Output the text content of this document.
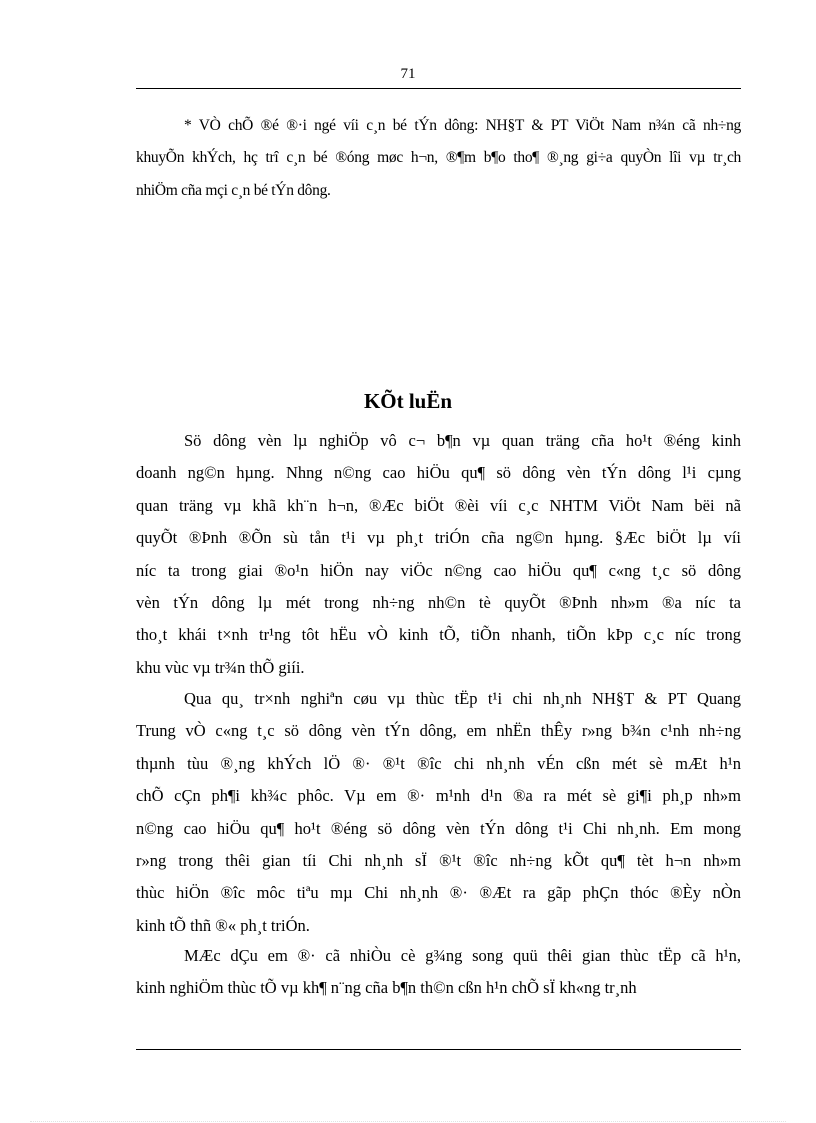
71

* VÒ chÕ ®é ®·i ngé víi c¸n bé tÝn dông: NH§T & PT ViÖt Nam n¾n cã nh÷ng
khuyÕn khÝch, hç trî c¸n bé ®óng møc h¬n, ®¶m b¶o tho¶ ®¸ng gi÷a quyÒn lîi vµ tr¸ch
nhiÖm cña mçi c¸n bé tÝn dông.

KÕt luËn

Sö dông vèn lµ nghiÖp vô c¬ b¶n vµ quan träng cña ho¹t ®éng kinh
doanh ng©n hµng. Nhng n©ng cao hiÖu qu¶ sö dông vèn tÝn dông l¹i cµng
quan träng vµ khã kh¨n h¬n, ®Æc biÖt ®èi víi c¸c NHTM ViÖt Nam bëi nã
quyÕt ®Þnh ®Õn sù tån t¹i vµ ph¸t triÓn cña ng©n hµng. §Æc biÖt lµ víi
níc ta trong giai ®o¹n hiÖn nay viÖc n©ng cao hiÖu qu¶ c«ng t¸c sö dông
vèn tÝn dông lµ mét trong nh÷ng nh©n tè quyÕt ®Þnh nh»m ®a níc ta
tho¸t khái t×nh tr¹ng tôt hËu vÒ kinh tÕ, tiÕn nhanh, tiÕn kÞp c¸c níc trong
khu vùc vµ tr¾n thÕ giíi.

Qua qu¸ tr×nh nghiªn cøu vµ thùc tËp t¹i chi nh¸nh NH§T & PT Quang
Trung vÒ c«ng t¸c sö dông vèn tÝn dông, em nhËn thÊy r»ng b¾n c¹nh nh÷ng
thµnh tùu ®¸ng khÝch lÖ ®· ®¹t ®îc chi nh¸nh vÉn cßn mét sè mÆt h¹n
chÕ cÇn ph¶i kh¾c phôc. Vµ em ®· m¹nh d¹n ®a ra mét sè gi¶i ph¸p nh»m
n©ng cao hiÖu qu¶ ho¹t ®éng sö dông vèn tÝn dông t¹i Chi nh¸nh. Em mong
r»ng trong thêi gian tíi Chi nh¸nh sÏ ®¹t ®îc nh÷ng kÕt qu¶ tèt h¬n nh»m
thùc hiÖn ®îc môc tiªu mµ Chi nh¸nh ®· ®Æt ra gãp phÇn thóc ®Èy nÒn
kinh tÕ thñ ®« ph¸t triÓn.

MÆc dÇu em ®· cã nhiÒu cè g¾ng song quü thêi gian thùc tËp cã h¹n,
kinh nghiÖm thùc tÕ vµ kh¶ n¨ng cña b¶n th©n cßn h¹n chÕ sÏ kh«ng tr¸nh
